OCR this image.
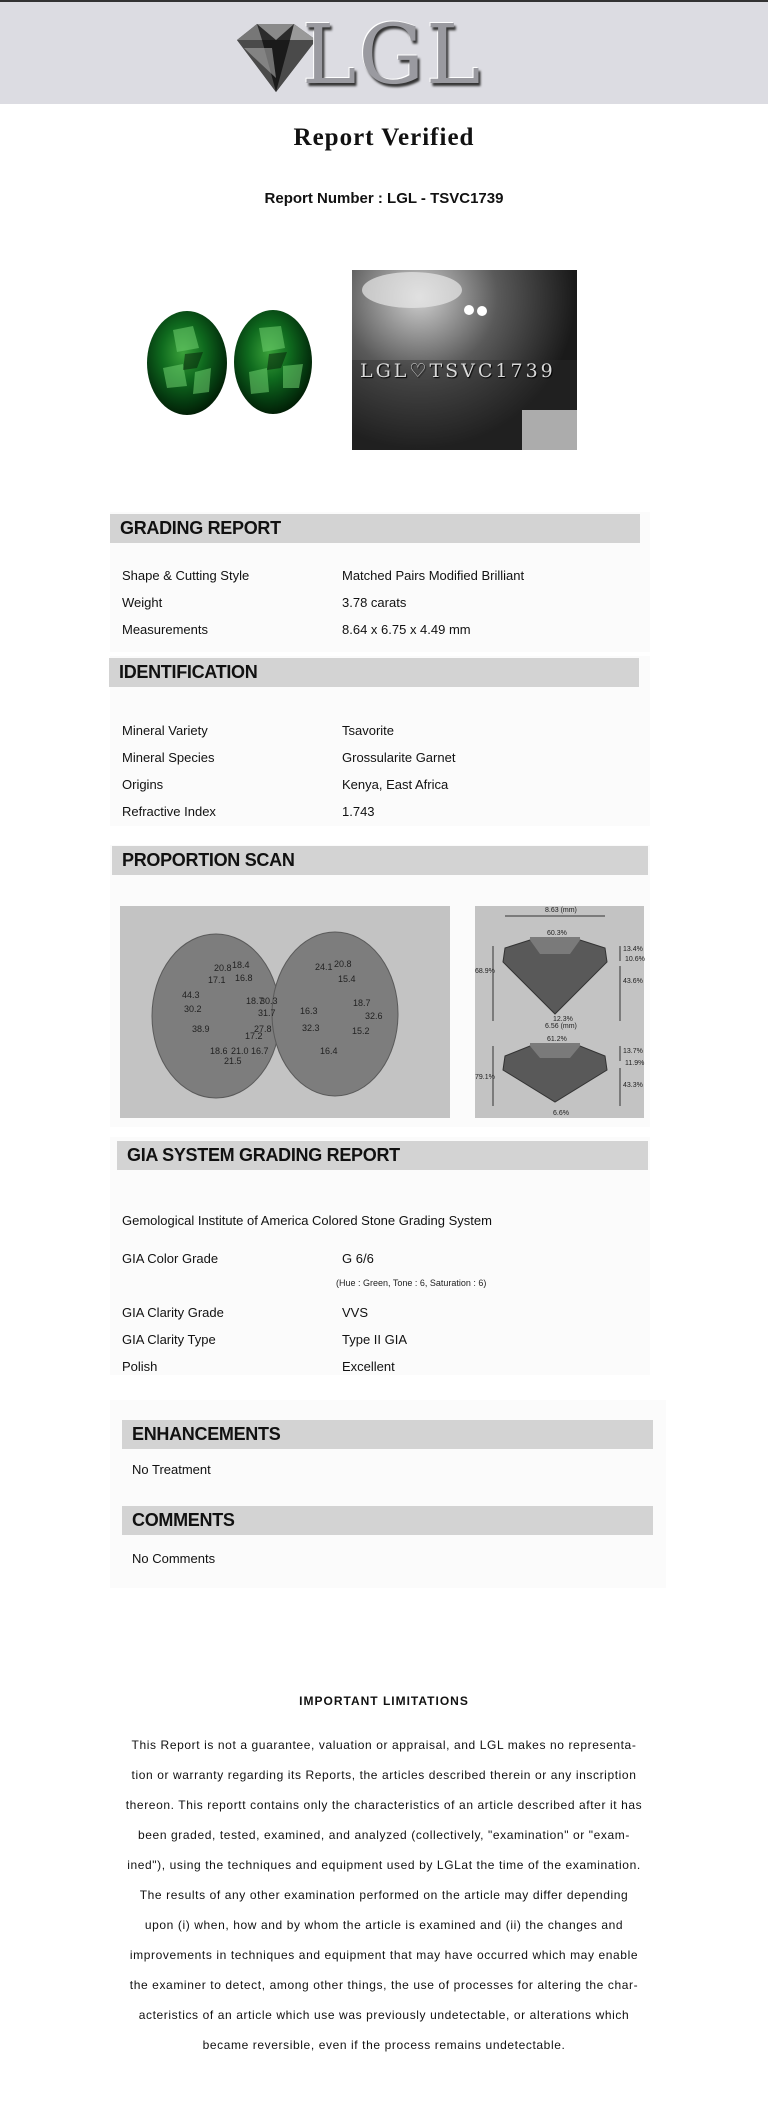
LGL
Report Verified
Report Number : LGL - TSVC1739
LGL♡TSVC1739
GRADING REPORT
Shape & Cutting Style	Matched Pairs Modified Brilliant
Weight	3.78 carats
Measurements	8.64 x 6.75 x 4.49 mm
IDENTIFICATION
Mineral Variety	Tsavorite
Mineral Species	Grossularite Garnet
Origins	Kenya, East Africa
Refractive Index	1.743
PROPORTION SCAN
20.8 18.4
17.1 16.8
18.7
30.3
44.3
30.2	31.7
27.8
17.2
38.9
18.6 21.0 16.7
21.5
24.1 20.8
15.4
18.7
16.3	32.6
32.3	15.2
16.4
8.63 (mm)
60.3%
13.4%
10.6%
43.6%
68.9%
12.3%
6.56 (mm)
61.2%
13.7%
11.9%
43.3%
79.1%
6.6%
GIA SYSTEM GRADING REPORT
Gemological Institute of America Colored Stone Grading System
GIA Color Grade	G 6/6
(Hue : Green, Tone : 6, Saturation : 6)
GIA Clarity Grade	VVS
GIA Clarity Type	Type II GIA
Polish	Excellent
ENHANCEMENTS
No Treatment
COMMENTS
No Comments
IMPORTANT LIMITATIONS
This Report is not a guarantee, valuation or appraisal, and LGL makes no representa-
tion or warranty regarding its Reports, the articles described therein or any inscription
thereon. This reportt contains only the characteristics of an article described after it has
been graded, tested, examined, and analyzed (collectively, "examination" or "exam-
ined"), using the techniques and equipment used by LGLat the time of the examination.
The results of any other examination performed on the article may differ depending
upon (i) when, how and by whom the article is examined and (ii) the changes and
improvements in techniques and equipment that may have occurred which may enable
the examiner to detect, among other things, the use of processes for altering the char-
acteristics of an article which use was previously undetectable, or alterations which
became reversible, even if the process remains undetectable.
